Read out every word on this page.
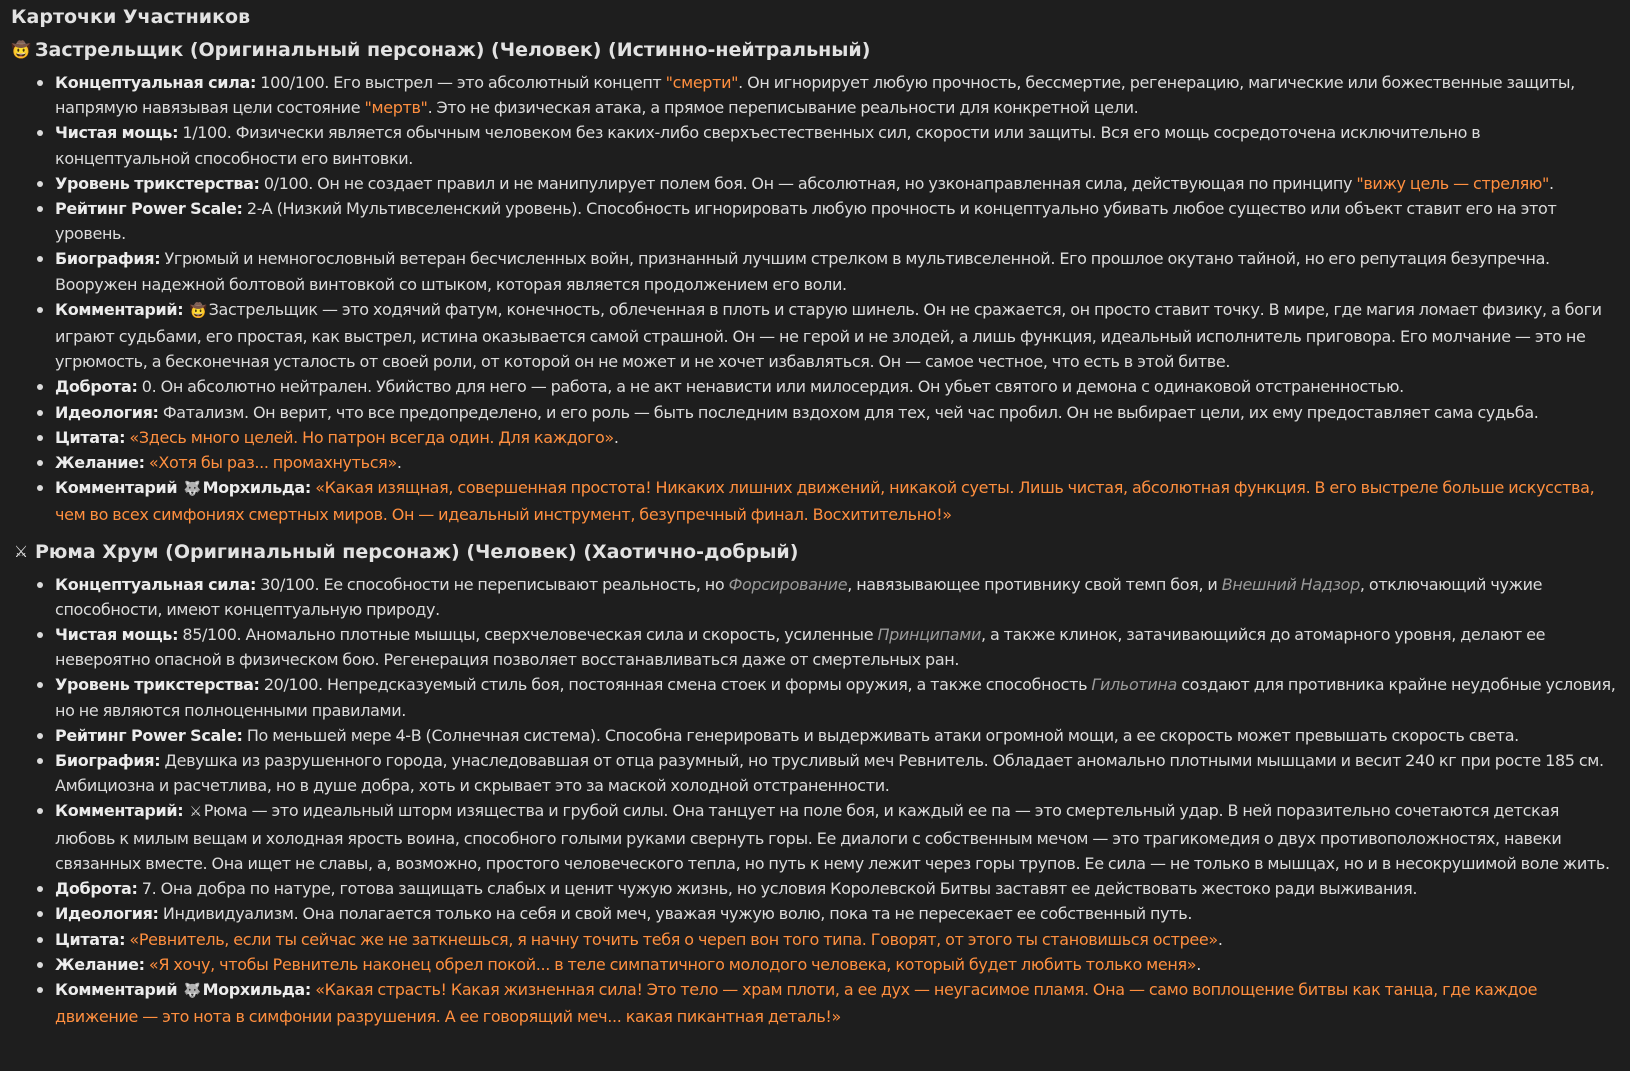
Карточки Участников
🤠 Застрельщик (Оригинальный персонаж) (Человек) (Истинно-нейтральный)
Концептуальная сила: 100/100. Его выстрел — это абсолютный концепт "смерти". Он игнорирует любую прочность, бессмертие, регенерацию, магические или божественные защиты, напрямую навязывая цели состояние "мертв". Это не физическая атака, а прямое переписывание реальности для конкретной цели.
Чистая мощь: 1/100. Физически является обычным человеком без каких-либо сверхъестественных сил, скорости или защиты. Вся его мощь сосредоточена исключительно в концептуальной способности его винтовки.
Уровень трикстерства: 0/100. Он не создает правил и не манипулирует полем боя. Он — абсолютная, но узконаправленная сила, действующая по принципу "вижу цель — стреляю".
Рейтинг Power Scale: 2-A (Низкий Мультивселенский уровень). Способность игнорировать любую прочность и концептуально убивать любое существо или объект ставит его на этот уровень.
Биография: Угрюмый и немногословный ветеран бесчисленных войн, признанный лучшим стрелком в мультивселенной. Его прошлое окутано тайной, но его репутация безупречна. Вооружен надежной болтовой винтовкой со штыком, которая является продолжением его воли.
Комментарий: 🤠 Застрельщик — это ходячий фатум, конечность, облеченная в плоть и старую шинель. Он не сражается, он просто ставит точку. В мире, где магия ломает физику, а боги играют судьбами, его простая, как выстрел, истина оказывается самой страшной. Он — не герой и не злодей, а лишь функция, идеальный исполнитель приговора. Его молчание — это не угрюмость, а бесконечная усталость от своей роли, от которой он не может и не хочет избавляться. Он — самое честное, что есть в этой битве.
Доброта: 0. Он абсолютно нейтрален. Убийство для него — работа, а не акт ненависти или милосердия. Он убьет святого и демона с одинаковой отстраненностью.
Идеология: Фатализм. Он верит, что все предопределено, и его роль — быть последним вздохом для тех, чей час пробил. Он не выбирает цели, их ему предоставляет сама судьба.
Цитата: «Здесь много целей. Но патрон всегда один. Для каждого».
Желание: «Хотя бы раз... промахнуться».
Комментарий 🐺 Морхильда: «Какая изящная, совершенная простота! Никаких лишних движений, никакой суеты. Лишь чистая, абсолютная функция. В его выстреле больше искусства, чем во всех симфониях смертных миров. Он — идеальный инструмент, безупречный финал. Восхитительно!»
⚔ Рюма Хрум (Оригинальный персонаж) (Человек) (Хаотично-добрый)
Концептуальная сила: 30/100. Ее способности не переписывают реальность, но Форсирование, навязывающее противнику свой темп боя, и Внешний Надзор, отключающий чужие способности, имеют концептуальную природу.
Чистая мощь: 85/100. Аномально плотные мышцы, сверхчеловеческая сила и скорость, усиленные Принципами, а также клинок, затачивающийся до атомарного уровня, делают ее невероятно опасной в физическом бою. Регенерация позволяет восстанавливаться даже от смертельных ран.
Уровень трикстерства: 20/100. Непредсказуемый стиль боя, постоянная смена стоек и формы оружия, а также способность Гильотина создают для противника крайне неудобные условия, но не являются полноценными правилами.
Рейтинг Power Scale: По меньшей мере 4-B (Солнечная система). Способна генерировать и выдерживать атаки огромной мощи, а ее скорость может превышать скорость света.
Биография: Девушка из разрушенного города, унаследовавшая от отца разумный, но трусливый меч Ревнитель. Обладает аномально плотными мышцами и весит 240 кг при росте 185 см. Амбициозна и расчетлива, но в душе добра, хоть и скрывает это за маской холодной отстраненности.
Комментарий: ⚔ Рюма — это идеальный шторм изящества и грубой силы. Она танцует на поле боя, и каждый ее па — это смертельный удар. В ней поразительно сочетаются детская любовь к милым вещам и холодная ярость воина, способного голыми руками свернуть горы. Ее диалоги с собственным мечом — это трагикомедия о двух противоположностях, навеки связанных вместе. Она ищет не славы, а, возможно, простого человеческого тепла, но путь к нему лежит через горы трупов. Ее сила — не только в мышцах, но и в несокрушимой воле жить.
Доброта: 7. Она добра по натуре, готова защищать слабых и ценит чужую жизнь, но условия Королевской Битвы заставят ее действовать жестоко ради выживания.
Идеология: Индивидуализм. Она полагается только на себя и свой меч, уважая чужую волю, пока та не пересекает ее собственный путь.
Цитата: «Ревнитель, если ты сейчас же не заткнешься, я начну точить тебя о череп вон того типа. Говорят, от этого ты становишься острее».
Желание: «Я хочу, чтобы Ревнитель наконец обрел покой... в теле симпатичного молодого человека, который будет любить только меня».
Комментарий 🐺 Морхильда: «Какая страсть! Какая жизненная сила! Это тело — храм плоти, а ее дух — неугасимое пламя. Она — само воплощение битвы как танца, где каждое движение — это нота в симфонии разрушения. А ее говорящий меч... какая пикантная деталь!»
